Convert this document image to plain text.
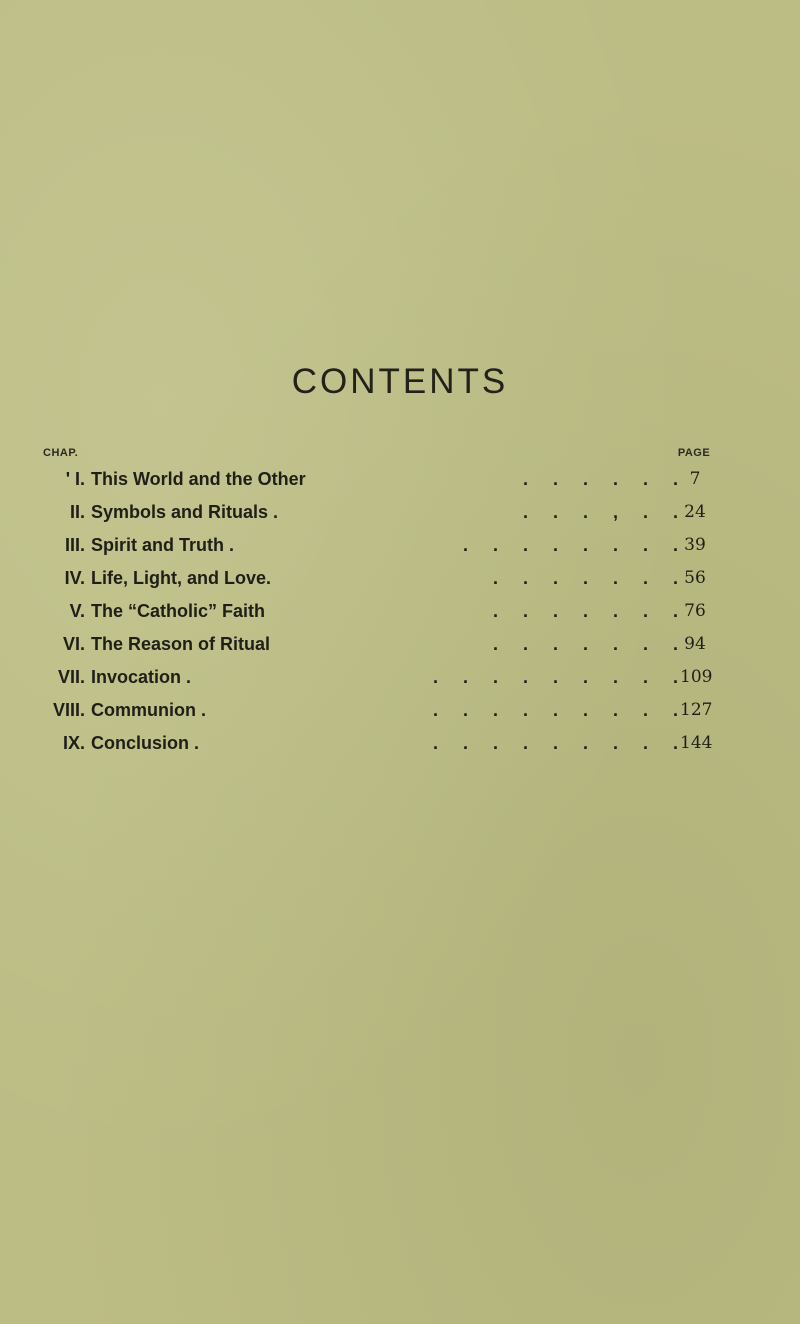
CONTENTS
CHAP.	PAGE
' I. This World and the Other	.     .     .     .     .     . 7
II. Symbols and Rituals .	.     .     .     ,     .     . 24
III. Spirit and Truth .	.     .     .     .     .     .     .     . 39
IV. Life, Light, and Love.	.     .     .     .     .     .     . 56
V. The “Catholic” Faith	.     .     .     .     .     .     . 76
VI. The Reason of Ritual	.     .     .     .     .     .     . 94
VII. Invocation .	.     .     .     .     .     .     .     .     . 109
VIII. Communion .	.     .     .     .     .     .     .     .     . 127
IX. Conclusion .	.     .     .     .     .     .     .     .     . 144
